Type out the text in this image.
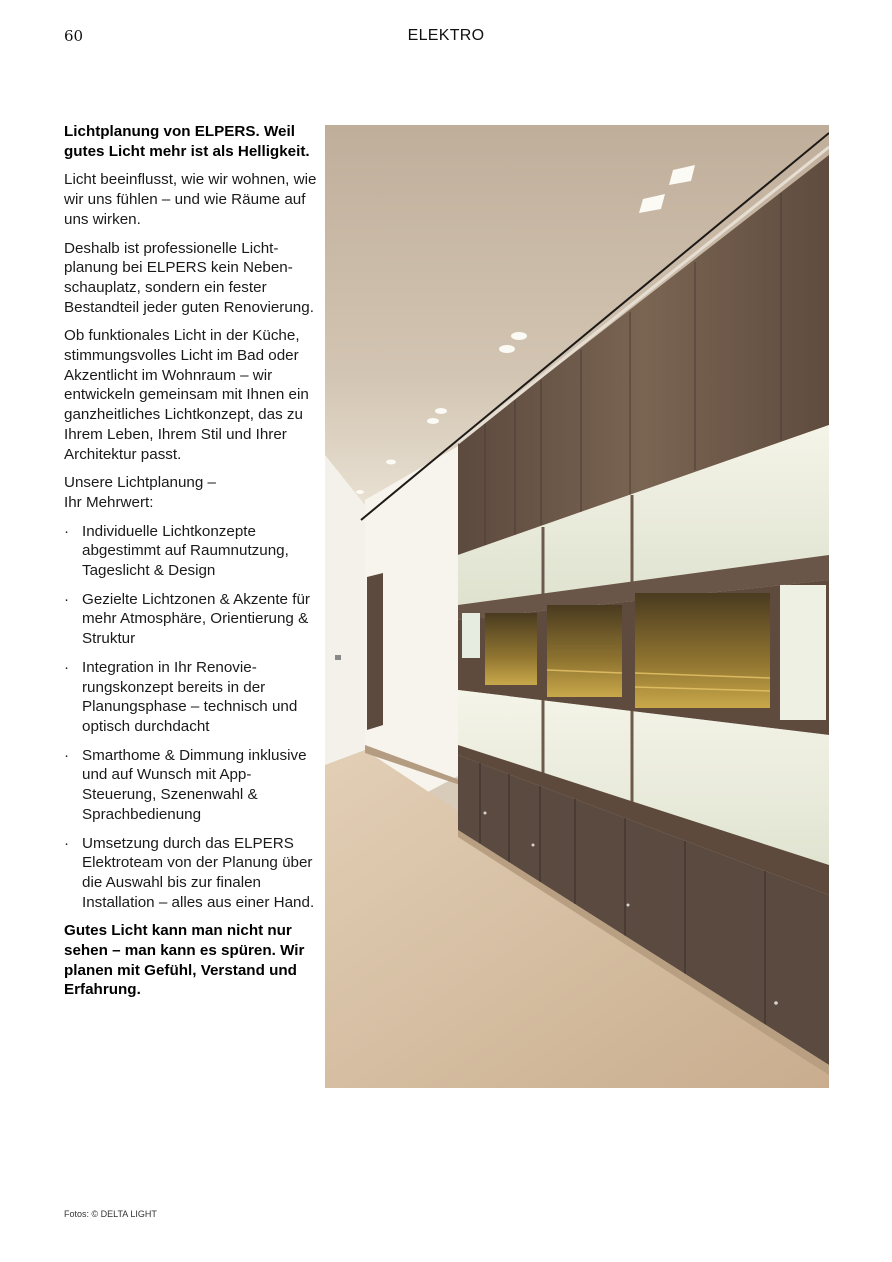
60	ELEKTRO

Lichtplanung von ELPERS. Weil gutes Licht mehr ist als Helligkeit.

Licht beeinflusst, wie wir wohnen, wie wir uns fühlen – und wie Räume auf uns wirken.

Deshalb ist professionelle Lichtplanung bei ELPERS kein Nebenschauplatz, sondern ein fester Bestandteil jeder guten Renovierung.

Ob funktionales Licht in der Küche, stimmungsvolles Licht im Bad oder Akzentlicht im Wohnraum – wir entwickeln gemeinsam mit Ihnen ein ganzheitliches Lichtkonzept, das zu Ihrem Leben, Ihrem Stil und Ihrer Architektur passt.

Unsere Lichtplanung –
Ihr Mehrwert:

· Individuelle Lichtkonzepte abgestimmt auf Raumnutzung, Tageslicht & Design
· Gezielte Lichtzonen & Akzente für mehr Atmosphäre, Orientierung & Struktur
· Integration in Ihr Renovierungskonzept bereits in der Planungsphase – technisch und optisch durchdacht
· Smarthome & Dimmung inklusive und auf Wunsch mit App-Steuerung, Szenenwahl & Sprachbedienung
· Umsetzung durch das ELPERS Elektroteam von der Planung über die Auswahl bis zur finalen Installation – alles aus einer Hand.

Gutes Licht kann man nicht nur sehen – man kann es spüren. Wir planen mit Gefühl, Verstand und Erfahrung.

Fotos: © DELTA LIGHT
